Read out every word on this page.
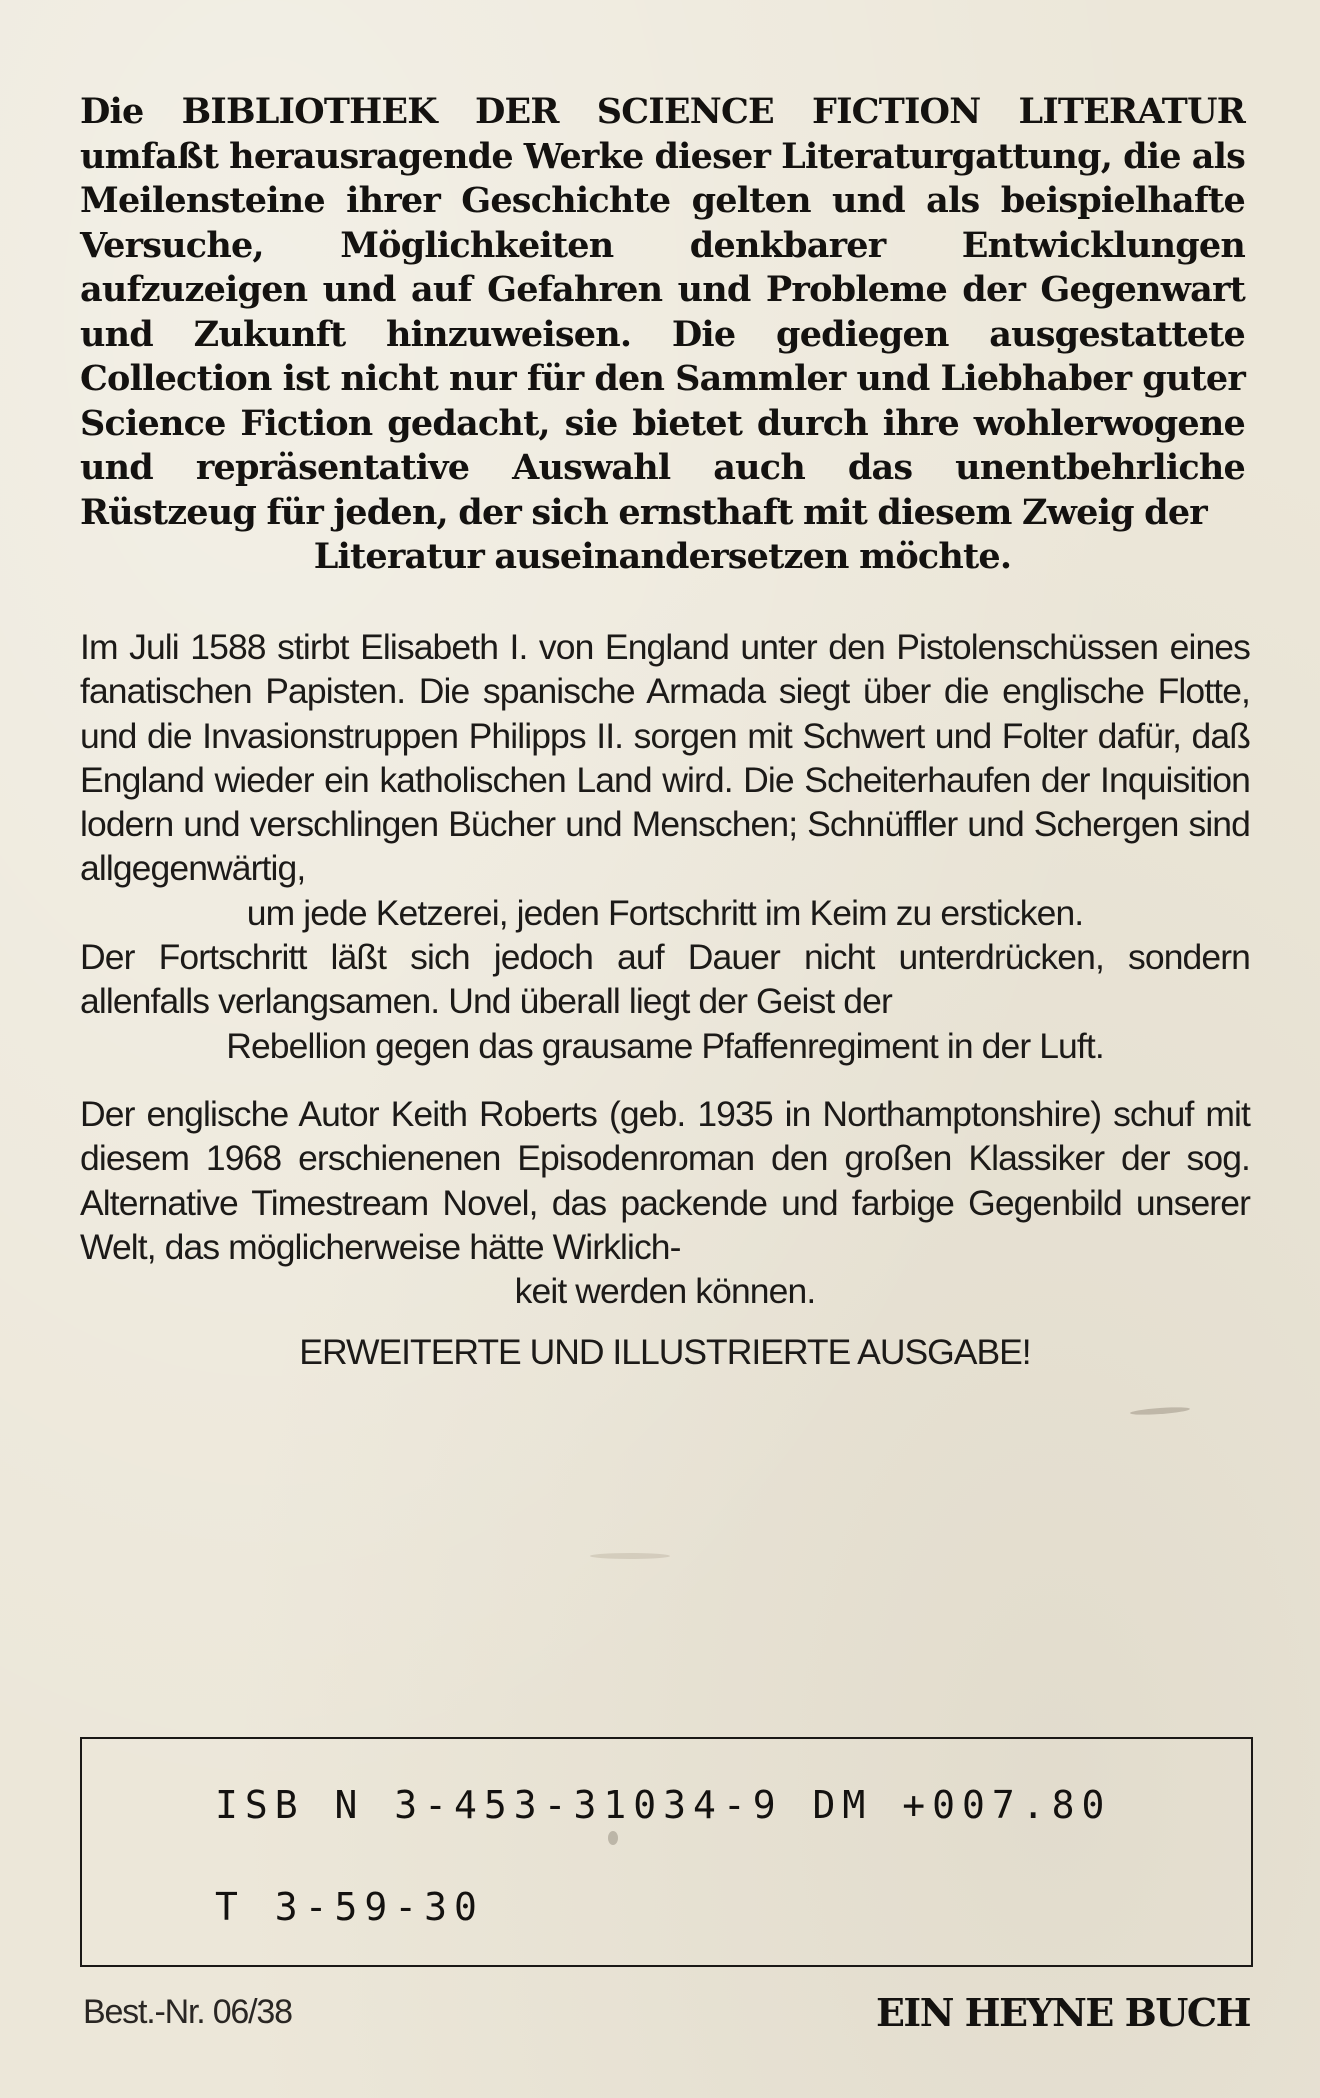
Die BIBLIOTHEK DER SCIENCE FICTION LITERATUR umfaßt herausragende Werke dieser Literaturgattung, die als Meilensteine ihrer Geschichte gelten und als beispielhafte Versuche, Möglichkeiten denkbarer Entwicklungen aufzuzeigen und auf Gefahren und Probleme der Gegenwart und Zukunft hinzuweisen. Die gediegen ausgestattete Collection ist nicht nur für den Sammler und Liebhaber guter Science Fiction gedacht, sie bietet durch ihre wohlerwogene und repräsentative Auswahl auch das unentbehrliche Rüstzeug für jeden, der sich ernsthaft mit diesem Zweig der
Literatur auseinandersetzen möchte.

Im Juli 1588 stirbt Elisabeth I. von England unter den Pistolenschüssen eines fanatischen Papisten. Die spanische Armada siegt über die englische Flotte, und die Invasionstruppen Philipps II. sorgen mit Schwert und Folter dafür, daß England wieder ein katholischen Land wird. Die Scheiterhaufen der Inquisition lodern und verschlingen Bücher und Menschen; Schnüffler und Schergen sind allgegenwärtig,
um jede Ketzerei, jeden Fortschritt im Keim zu ersticken.
Der Fortschritt läßt sich jedoch auf Dauer nicht unterdrücken, sondern allenfalls verlangsamen. Und überall liegt der Geist der
Rebellion gegen das grausame Pfaffenregiment in der Luft.

Der englische Autor Keith Roberts (geb. 1935 in Northamptonshire) schuf mit diesem 1968 erschienenen Episodenroman den großen Klassiker der sog. Alternative Timestream Novel, das packende und farbige Gegenbild unserer Welt, das möglicherweise hätte Wirklich-
keit werden können.

ERWEITERTE UND ILLUSTRIERTE AUSGABE!

ISB N 3-453-31034-9 DM +007.80
T 3-59-30
Best.-Nr. 06/38	EIN HEYNE BUCH
